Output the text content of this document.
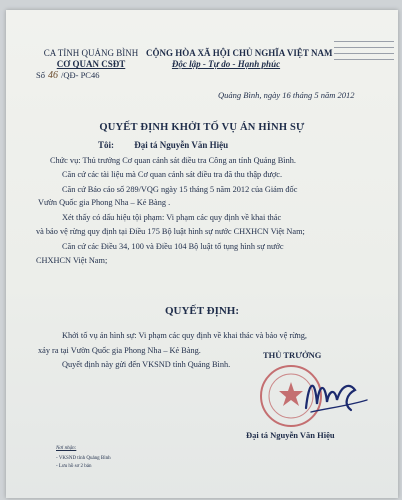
CA TỈNH QUẢNG BÌNH
CƠ QUAN CSĐT
CỘNG HÒA XÃ HỘI CHỦ NGHĨA VIỆT NAM
Độc lập - Tự do - Hạnh phúc
Số 46 /QĐ- PC46
Quảng Bình, ngày 16 tháng 5 năm 2012
QUYẾT ĐỊNH KHỞI TỐ VỤ ÁN HÌNH SỰ
Tôi: Đại tá Nguyễn Văn Hiệu
Chức vụ: Thủ trưởng Cơ quan cảnh sát điều tra Công an tỉnh Quảng Bình.
Căn cứ các tài liệu mà Cơ quan cảnh sát điều tra đã thu thập được.
Căn cứ Báo cáo số 289/VQG ngày 15 tháng 5 năm 2012 của Giám đốc
Vườn Quốc gia Phong Nha – Kẻ Bàng .
Xét thấy có dấu hiệu tội phạm: Vi phạm các quy định về khai thác
và bảo vệ rừng quy định tại Điều 175 Bộ luật hình sự nước CHXHCN Việt Nam;
Căn cứ các Điều 34, 100 và Điều 104 Bộ luật tố tụng hình sự nước
CHXHCN Việt Nam;
QUYẾT ĐỊNH:
Khởi tố vụ án hình sự: Vi phạm các quy định về khai thác và bảo vệ rừng,
xảy ra tại Vườn Quốc gia Phong Nha – Kẻ Bàng.
Quyết định này gửi đến VKSND tỉnh Quảng Bình.
THỦ TRƯỞNG
Đại tá Nguyễn Văn Hiệu
Nơi nhận:
- VKSND tỉnh Quảng Bình
- Lưu hồ sơ 2 bản
